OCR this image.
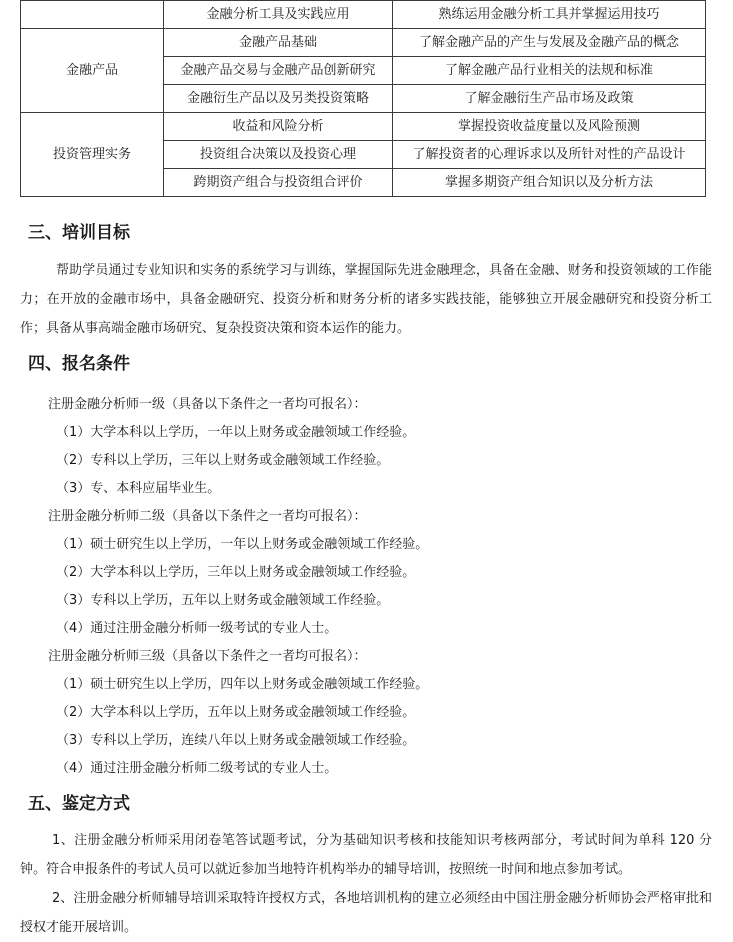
	金融分析工具及实践应用	熟练运用金融分析工具并掌握运用技巧
金融产品	金融产品基础	了解金融产品的产生与发展及金融产品的概念
	金融产品交易与金融产品创新研究	了解金融产品行业相关的法规和标准
	金融衍生产品以及另类投资策略	了解金融衍生产品市场及政策
投资管理实务	收益和风险分析	掌握投资收益度量以及风险预测
	投资组合决策以及投资心理	了解投资者的心理诉求以及所针对性的产品设计
	跨期资产组合与投资组合评价	掌握多期资产组合知识以及分析方法
三、培训目标
帮助学员通过专业知识和实务的系统学习与训练，掌握国际先进金融理念，具备在金融、财务和投资领域的工作能力；在开放的金融市场中，具备金融研究、投资分析和财务分析的诸多实践技能，能够独立开展金融研究和投资分析工作；具备从事高端金融市场研究、复杂投资决策和资本运作的能力。
四、报名条件
注册金融分析师一级（具备以下条件之一者均可报名）：
（1）大学本科以上学历，一年以上财务或金融领域工作经验。
（2）专科以上学历，三年以上财务或金融领域工作经验。
（3）专、本科应届毕业生。
注册金融分析师二级（具备以下条件之一者均可报名）：
（1）硕士研究生以上学历，一年以上财务或金融领域工作经验。
（2）大学本科以上学历，三年以上财务或金融领域工作经验。
（3）专科以上学历，五年以上财务或金融领域工作经验。
（4）通过注册金融分析师一级考试的专业人士。
注册金融分析师三级（具备以下条件之一者均可报名）：
（1）硕士研究生以上学历，四年以上财务或金融领域工作经验。
（2）大学本科以上学历，五年以上财务或金融领域工作经验。
（3）专科以上学历，连续八年以上财务或金融领域工作经验。
（4）通过注册金融分析师二级考试的专业人士。
五、鉴定方式
1、注册金融分析师采用闭卷笔答试题考试，分为基础知识考核和技能知识考核两部分，考试时间为单科 120 分钟。符合申报条件的考试人员可以就近参加当地特许机构举办的辅导培训，按照统一时间和地点参加考试。
2、注册金融分析师辅导培训采取特许授权方式，各地培训机构的建立必须经由中国注册金融分析师协会严格审批和授权才能开展培训。
